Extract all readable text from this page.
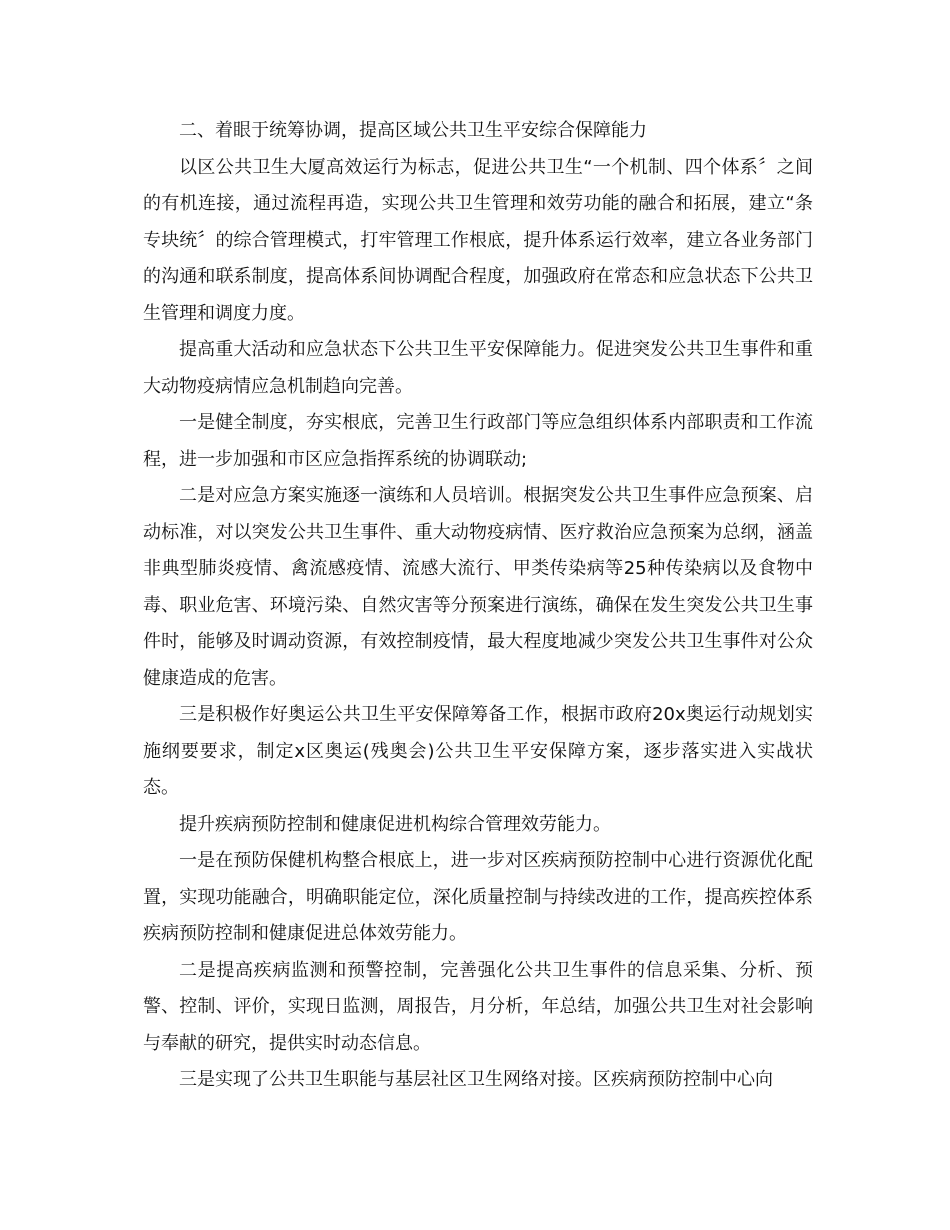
二、着眼于统筹协调，提高区域公共卫生平安综合保障能力

以区公共卫生大厦高效运行为标志，促进公共卫生“一个机制、四个体系〞之间的有机连接，通过流程再造，实现公共卫生管理和效劳功能的融合和拓展，建立“条专块统〞的综合管理模式，打牢管理工作根底，提升体系运行效率，建立各业务部门的沟通和联系制度，提高体系间协调配合程度，加强政府在常态和应急状态下公共卫生管理和调度力度。

提高重大活动和应急状态下公共卫生平安保障能力。促进突发公共卫生事件和重大动物疫病情应急机制趋向完善。

一是健全制度，夯实根底，完善卫生行政部门等应急组织体系内部职责和工作流程，进一步加强和市区应急指挥系统的协调联动;

二是对应急方案实施逐一演练和人员培训。根据突发公共卫生事件应急预案、启动标准，对以突发公共卫生事件、重大动物疫病情、医疗救治应急预案为总纲，涵盖非典型肺炎疫情、禽流感疫情、流感大流行、甲类传染病等25种传染病以及食物中毒、职业危害、环境污染、自然灾害等分预案进行演练，确保在发生突发公共卫生事件时，能够及时调动资源，有效控制疫情，最大程度地减少突发公共卫生事件对公众健康造成的危害。

三是积极作好奥运公共卫生平安保障筹备工作，根据市政府20x奥运行动规划实施纲要要求，制定x区奥运(残奥会)公共卫生平安保障方案，逐步落实进入实战状态。

提升疾病预防控制和健康促进机构综合管理效劳能力。

一是在预防保健机构整合根底上，进一步对区疾病预防控制中心进行资源优化配置，实现功能融合，明确职能定位，深化质量控制与持续改进的工作，提高疾控体系疾病预防控制和健康促进总体效劳能力。

二是提高疾病监测和预警控制，完善强化公共卫生事件的信息采集、分析、预警、控制、评价，实现日监测，周报告，月分析，年总结，加强公共卫生对社会影响与奉献的研究，提供实时动态信息。

三是实现了公共卫生职能与基层社区卫生网络对接。区疾病预防控制中心向
